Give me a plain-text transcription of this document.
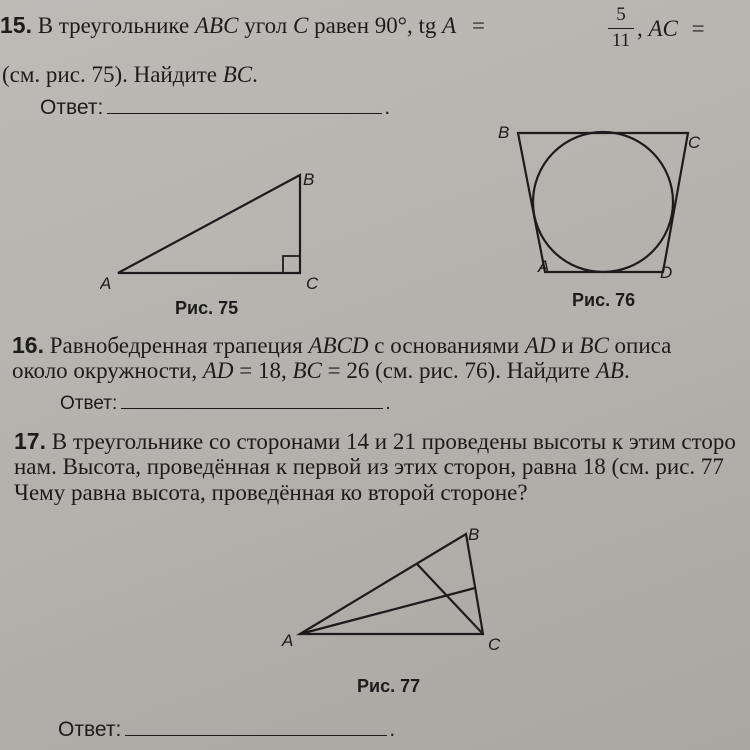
15. В треугольнике ABC угол C равен 90°, tg A =	5
11 , AC =
(см. рис. 75). Найдите BC.
Ответ:	.
A
B
C
Рис. 75
B
C
A	D
Рис. 76
16. Равнобедренная трапеция ABCD с основаниями AD и BC описа
около окружности, AD = 18, BC = 26 (см. рис. 76). Найдите AB.
Ответ:	.
17. В треугольнике со сторонами 14 и 21 проведены высоты к этим сторо
нам. Высота, проведённая к первой из этих сторон, равна 18 (см. рис. 77
Чему равна высота, проведённая ко второй стороне?
A
B
C
Рис. 77
Ответ:	.
